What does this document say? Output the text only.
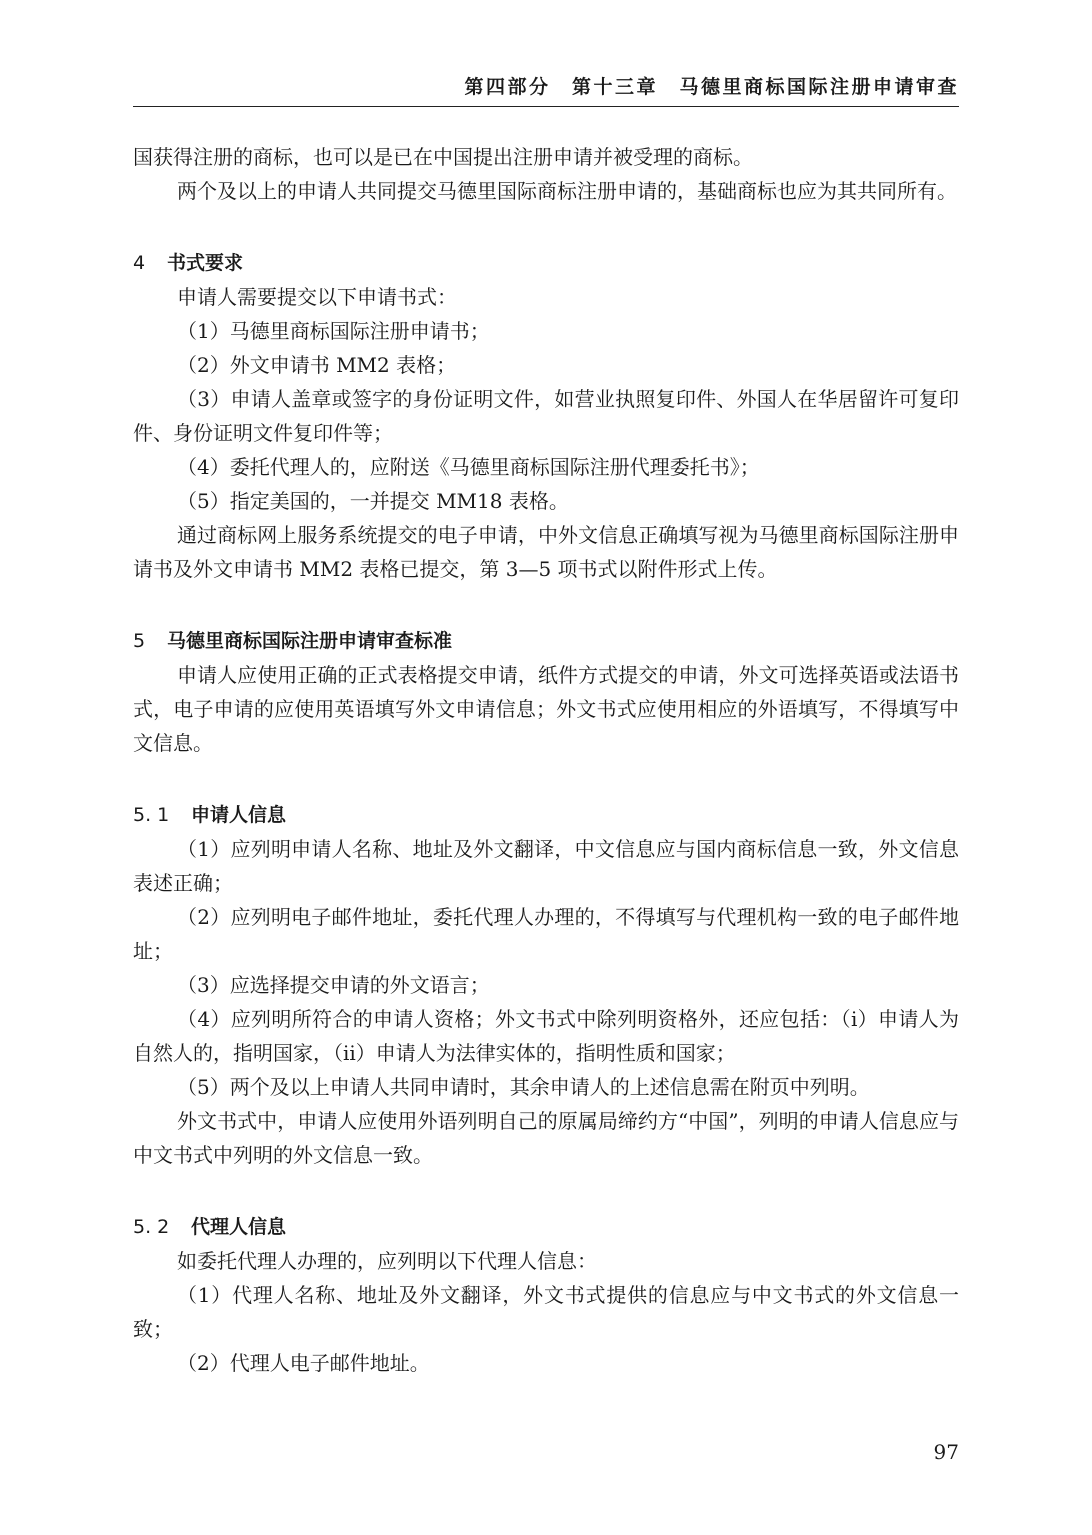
第四部分　第十三章　马德里商标国际注册申请审查

国获得注册的商标，也可以是已在中国提出注册申请并被受理的商标。

两个及以上的申请人共同提交马德里国际商标注册申请的，基础商标也应为其共同所有。

4 书式要求

申请人需要提交以下申请书式：

（1）马德里商标国际注册申请书；

（2）外文申请书 MM2 表格；

（3）申请人盖章或签字的身份证明文件，如营业执照复印件、外国人在华居留许可复印件、身份证明文件复印件等；

（4）委托代理人的，应附送《马德里商标国际注册代理委托书》；

（5）指定美国的，一并提交 MM18 表格。

通过商标网上服务系统提交的电子申请，中外文信息正确填写视为马德里商标国际注册申请书及外文申请书 MM2 表格已提交，第 3—5 项书式以附件形式上传。

5 马德里商标国际注册申请审查标准

申请人应使用正确的正式表格提交申请，纸件方式提交的申请，外文可选择英语或法语书式，电子申请的应使用英语填写外文申请信息；外文书式应使用相应的外语填写，不得填写中文信息。

5. 1 申请人信息

（1）应列明申请人名称、地址及外文翻译，中文信息应与国内商标信息一致，外文信息表述正确；

（2）应列明电子邮件地址，委托代理人办理的，不得填写与代理机构一致的电子邮件地址；

（3）应选择提交申请的外文语言；

（4）应列明所符合的申请人资格；外文书式中除列明资格外，还应包括：（i）申请人为自然人的，指明国家，（ii）申请人为法律实体的，指明性质和国家；

（5）两个及以上申请人共同申请时，其余申请人的上述信息需在附页中列明。

外文书式中，申请人应使用外语列明自己的原属局缔约方“中国”，列明的申请人信息应与中文书式中列明的外文信息一致。

5. 2 代理人信息

如委托代理人办理的，应列明以下代理人信息：

（1）代理人名称、地址及外文翻译，外文书式提供的信息应与中文书式的外文信息一致；

（2）代理人电子邮件地址。

97
